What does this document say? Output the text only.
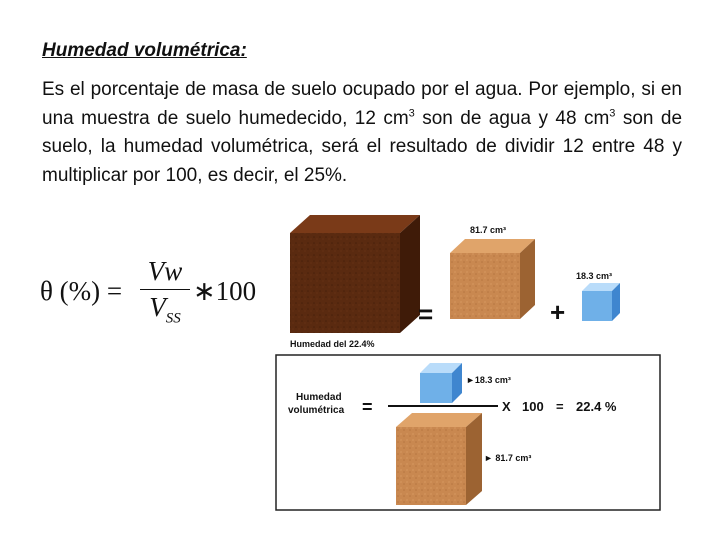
Humedad volumétrica:

Es el porcentaje de masa de suelo ocupado por el agua. Por ejemplo, si en una muestra de suelo humedecido, 12 $cm^3$ son de agua y 48 $cm^3$ son de suelo, la humedad volumétrica, será el resultado de dividir 12 entre 48 y multiplicar por 100, es decir, el 25%.

θ (%) =
Vw
$V_{SS}$
∗100
Humedad del 22.4%
=
81.7 cm³
+
18.3 cm³
Humedad
volumétrica =
►18.3 cm³
X 100 = 22.4 %
► 81.7 cm³
